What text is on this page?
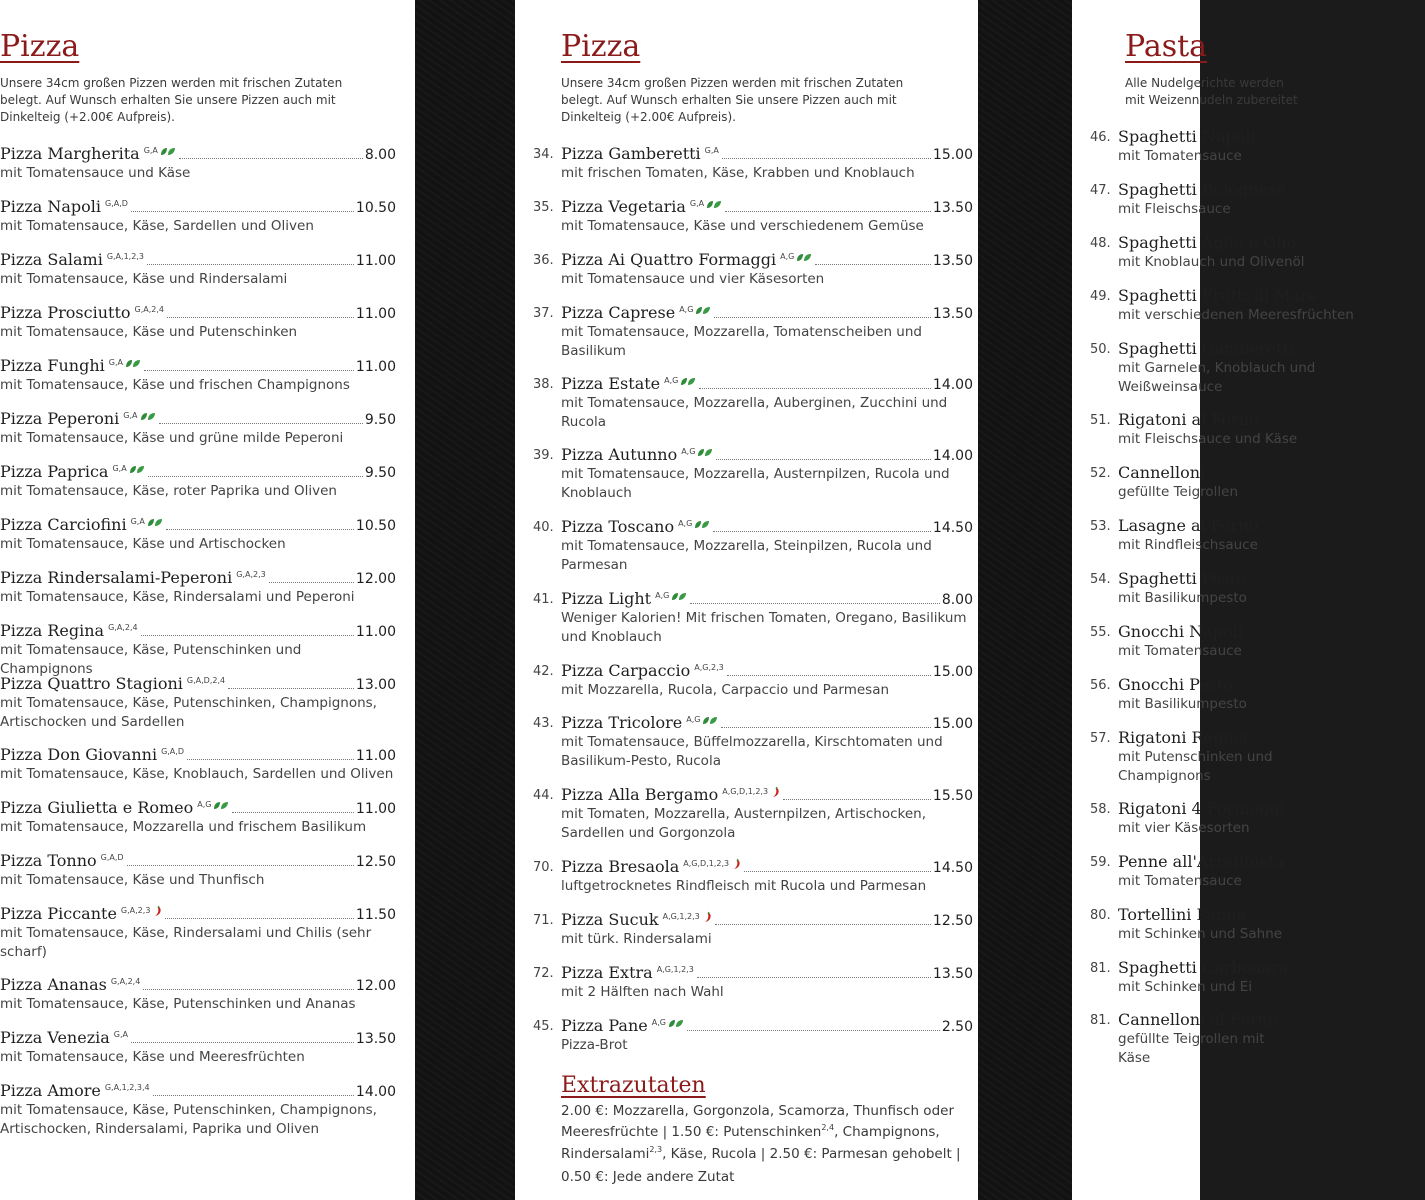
Pizza
Unsere 34cm großen Pizzen werden mit frischen Zutaten belegt. Auf Wunsch erhalten Sie unsere Pizzen auch mit Dinkelteig (+2.00€ Aufpreis).
Pizza Margherita G,A	8.00
mit Tomatensauce und Käse
Pizza Napoli G,A,D	10.50
mit Tomatensauce, Käse, Sardellen und Oliven
Pizza Salami G,A,1,2,3	11.00
mit Tomatensauce, Käse und Rindersalami
Pizza Prosciutto G,A,2,4	11.00
mit Tomatensauce, Käse und Putenschinken
Pizza Funghi G,A	11.00
mit Tomatensauce, Käse und frischen Champignons
Pizza Peperoni G,A	9.50
mit Tomatensauce, Käse und grüne milde Peperoni
Pizza Paprica G,A	9.50
mit Tomatensauce, Käse, roter Paprika und Oliven
Pizza Carciofini G,A	10.50
mit Tomatensauce, Käse und Artischocken
Pizza Rindersalami-Peperoni G,A,2,3	12.00
mit Tomatensauce, Käse, Rindersalami und Peperoni
Pizza Regina G,A,2,4	11.00
mit Tomatensauce, Käse, Putenschinken und Champignons
Pizza Quattro Stagioni G,A,D,2,4	13.00
mit Tomatensauce, Käse, Putenschinken, Champignons, Artischocken und Sardellen
Pizza Don Giovanni G,A,D	11.00
mit Tomatensauce, Käse, Knoblauch, Sardellen und Oliven
Pizza Giulietta e Romeo A,G	11.00
mit Tomatensauce, Mozzarella und frischem Basilikum
Pizza Tonno G,A,D	12.50
mit Tomatensauce, Käse und Thunfisch
Pizza Piccante G,A,2,3	11.50
mit Tomatensauce, Käse, Rindersalami und Chilis (sehr scharf)
Pizza Ananas G,A,2,4	12.00
mit Tomatensauce, Käse, Putenschinken und Ananas
Pizza Venezia G,A	13.50
mit Tomatensauce, Käse und Meeresfrüchten
Pizza Amore G,A,1,2,3,4	14.00
mit Tomatensauce, Käse, Putenschinken, Champignons, Artischocken, Rindersalami, Paprika und Oliven
Pizza
Unsere 34cm großen Pizzen werden mit frischen Zutaten belegt. Auf Wunsch erhalten Sie unsere Pizzen auch mit Dinkelteig (+2.00€ Aufpreis).
Extrazutaten
2.00 €: Mozzarella, Gorgonzola, Scamorza, Thunfisch oder Meeresfrüchte | 1.50 €: Putenschinken$^{2,4}$, Champignons, Rindersalami$^{2,3}$, Käse, Rucola | 2.50 €: Parmesan gehobelt | 0.50 €: Jede andere Zutat
34. Pizza Gamberetti G,A	15.00
mit frischen Tomaten, Käse, Krabben und Knoblauch
35. Pizza Vegetaria G,A	13.50
mit Tomatensauce, Käse und verschiedenem Gemüse
36. Pizza Ai Quattro Formaggi A,G	13.50
mit Tomatensauce und vier Käsesorten
37. Pizza Caprese A,G	13.50
mit Tomatensauce, Mozzarella, Tomatenscheiben und Basilikum
38. Pizza Estate A,G	14.00
mit Tomatensauce, Mozzarella, Auberginen, Zucchini und Rucola
39. Pizza Autunno A,G	14.00
mit Tomatensauce, Mozzarella, Austernpilzen, Rucola und Knoblauch
40. Pizza Toscano A,G	14.50
mit Tomatensauce, Mozzarella, Steinpilzen, Rucola und Parmesan
41. Pizza Light A,G	8.00
Weniger Kalorien! Mit frischen Tomaten, Oregano, Basilikum und Knoblauch
42. Pizza Carpaccio A,G,2,3	15.00
mit Mozzarella, Rucola, Carpaccio und Parmesan
43. Pizza Tricolore A,G	15.00
mit Tomatensauce, Büffelmozzarella, Kirschtomaten und Basilikum-Pesto, Rucola
44. Pizza Alla Bergamo A,G,D,1,2,3	15.50
mit Tomaten, Mozzarella, Austernpilzen, Artischocken, Sardellen und Gorgonzola
70. Pizza Bresaola A,G,D,1,2,3	14.50
luftgetrocknetes Rindfleisch mit Rucola und Parmesan
71. Pizza Sucuk A,G,1,2,3	12.50
mit türk. Rindersalami
72. Pizza Extra A,G,1,2,3	13.50
mit 2 Hälften nach Wahl
45. Pizza Pane A,G	2.50
Pizza-Brot
Pasta
Alle Nudelgerichte werden
mit Weizennudeln zubereitet
46. Spaghetti Napoli
mit Tomatensauce
47. Spaghetti Bolognese
mit Fleischsauce
48. Spaghetti Aglio e Olio
mit Knoblauch und Olivenöl
49. Spaghetti Frutti di Mare
mit verschiedenen Meeresfrüchten
50. Spaghetti Gamberetti
mit Garnelen, Knoblauch und
Weißweinsauce
51. Rigatoni al Forno
mit Fleischsauce und Käse
52. Cannelloni
gefüllte Teigrollen
53. Lasagne al Forno
mit Rindfleischsauce
54. Spaghetti Pesto
mit Basilikumpesto
55. Gnocchi Napoli
mit Tomatensauce
56. Gnocchi Pesto
mit Basilikumpesto
57. Rigatoni Regina
mit Putenschinken und
Champignons
58. Rigatoni 4 Formaggi
mit vier Käsesorten
59. Penne all'Arrabbiata
mit Tomatensauce
80. Tortellini Panna
mit Schinken und Sahne
81. Spaghetti Carbonara
mit Schinken und Ei
81. Cannelloni al Forno
gefüllte Teigrollen mit
Käse
